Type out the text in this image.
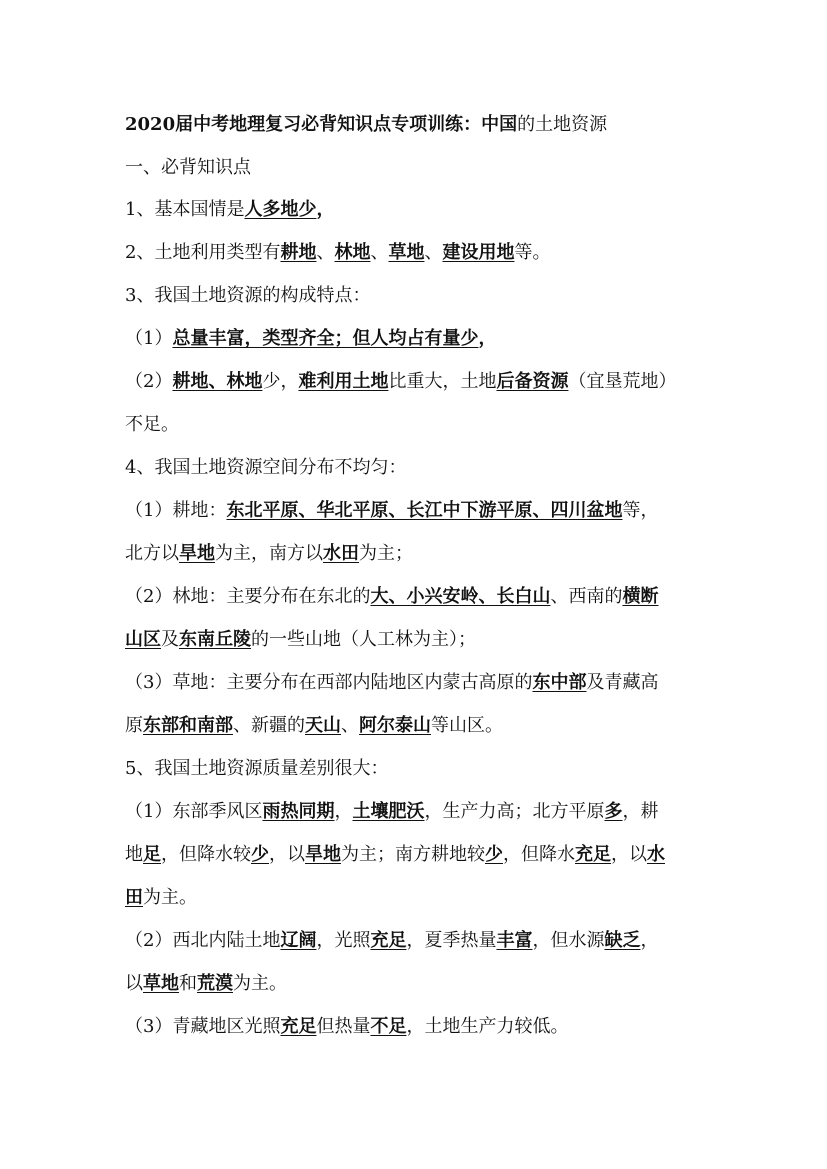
2020届中考地理复习必背知识点专项训练：中国的土地资源
一、必背知识点
1、基本国情是人多地少，
2、土地利用类型有耕地、林地、草地、建设用地等。
3、我国土地资源的构成特点：
（1）总量丰富，类型齐全；但人均占有量少，
（2）耕地、林地少，难利用土地比重大，土地后备资源（宜垦荒地）
不足。
4、我国土地资源空间分布不均匀：
（1）耕地：东北平原、华北平原、长江中下游平原、四川盆地等，
北方以旱地为主，南方以水田为主；
（2）林地：主要分布在东北的大、小兴安岭、长白山、西南的横断
山区及东南丘陵的一些山地（人工林为主）；
（3）草地：主要分布在西部内陆地区内蒙古高原的东中部及青藏高
原东部和南部、新疆的天山、阿尔泰山等山区。
5、我国土地资源质量差别很大：
（1）东部季风区雨热同期，土壤肥沃，生产力高；北方平原多，耕
地足，但降水较少，以旱地为主；南方耕地较少，但降水充足，以水
田为主。
（2）西北内陆土地辽阔，光照充足，夏季热量丰富，但水源缺乏，
以草地和荒漠为主。
（3）青藏地区光照充足但热量不足，土地生产力较低。
